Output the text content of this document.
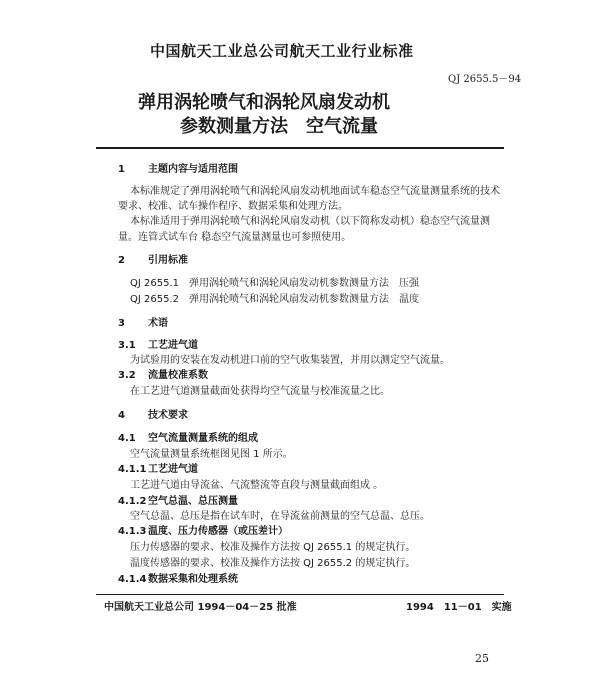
中国航天工业总公司航天工业行业标准
QJ 2655.5－94
弹用涡轮喷气和涡轮风扇发动机
参数测量方法　空气流量
1 主题内容与适用范围
本标准规定了弹用涡轮喷气和涡轮风扇发动机地面试车稳态空气流量测量系统的技术
要求、校准、试车操作程序、数据采集和处理方法。
本标准适用于弹用涡轮喷气和涡轮风扇发动机（以下简称发动机）稳态空气流量测
量。连管式试车台 稳态空气流量测量也可参照使用。
2 引用标准
QJ 2655.1　弹用涡轮喷气和涡轮风扇发动机参数测量方法　压强
QJ 2655.2　弹用涡轮喷气和涡轮风扇发动机参数测量方法　温度
3 术语
3.1 工艺进气道
为试验用的安装在发动机进口前的空气收集装置，并用以测定空气流量。
3.2 流量校准系数
在工艺进气道测量截面处获得均空气流量与校准流量之比。
4 技术要求
4.1 空气流量测量系统的组成
空气流量测量系统框图见图 1 所示。
4.1.1 工艺进气道
工艺进气道由导流盆、气流整流等直段与测量截面组成 。
4.1.2 空气总温、总压测量
空气总温、总压是指在试车时，在导流盆前测量的空气总温、总压。
4.1.3 温度、压力传感器（或压差计）
压力传感器的要求、校准及操作方法按 QJ 2655.1 的规定执行。
温度传感器的要求、校准及操作方法按 QJ 2655.2 的规定执行。
4.1.4 数据采集和处理系统
中国航天工业总公司 1994－04－25 批准	1994　11－01　实施
25
